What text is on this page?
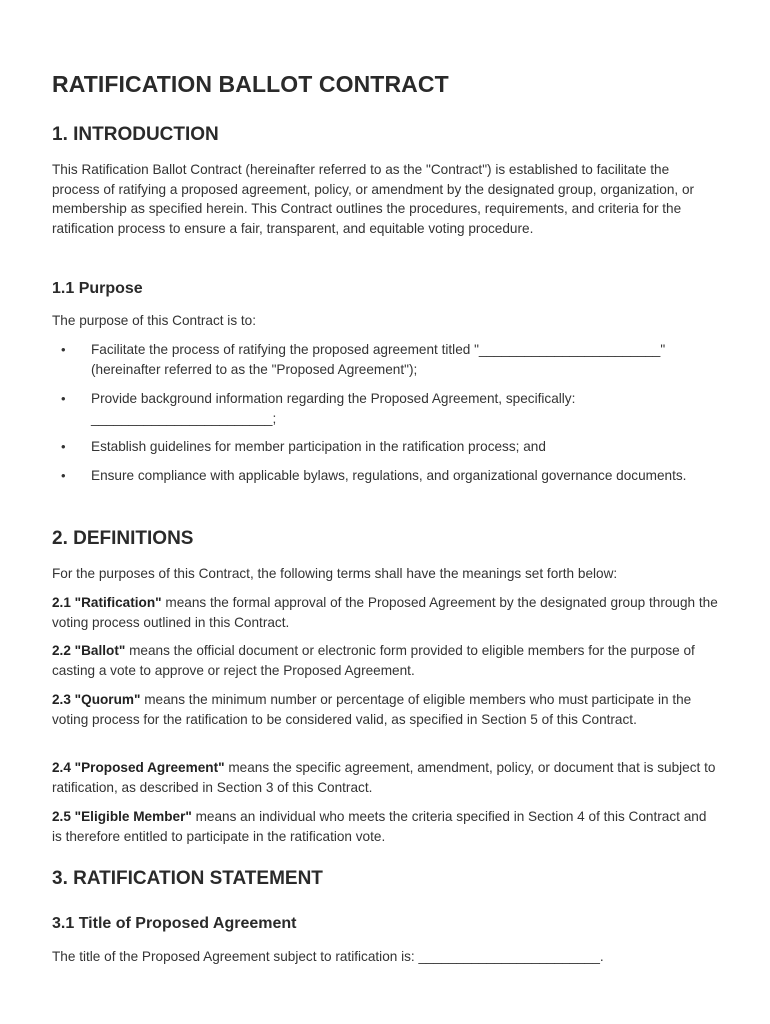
RATIFICATION BALLOT CONTRACT
1. INTRODUCTION

This Ratification Ballot Contract (hereinafter referred to as the "Contract") is established to facilitate the process of ratifying a proposed agreement, policy, or amendment by the designated group, organization, or membership as specified herein. This Contract outlines the procedures, requirements, and criteria for the ratification process to ensure a fair, transparent, and equitable voting procedure.

1.1 Purpose

The purpose of this Contract is to:

• Facilitate the process of ratifying the proposed agreement titled "________________________" (hereinafter referred to as the "Proposed Agreement");
• Provide background information regarding the Proposed Agreement, specifically: ________________________;
• Establish guidelines for member participation in the ratification process; and
• Ensure compliance with applicable bylaws, regulations, and organizational governance documents.
2. DEFINITIONS

For the purposes of this Contract, the following terms shall have the meanings set forth below:

2.1 "Ratification" means the formal approval of the Proposed Agreement by the designated group through the voting process outlined in this Contract.

2.2 "Ballot" means the official document or electronic form provided to eligible members for the purpose of casting a vote to approve or reject the Proposed Agreement.

2.3 "Quorum" means the minimum number or percentage of eligible members who must participate in the voting process for the ratification to be considered valid, as specified in Section 5 of this Contract.

2.4 "Proposed Agreement" means the specific agreement, amendment, policy, or document that is subject to ratification, as described in Section 3 of this Contract.

2.5 "Eligible Member" means an individual who meets the criteria specified in Section 4 of this Contract and is therefore entitled to participate in the ratification vote.

3. RATIFICATION STATEMENT
3.1 Title of Proposed Agreement

The title of the Proposed Agreement subject to ratification is: ________________________.
